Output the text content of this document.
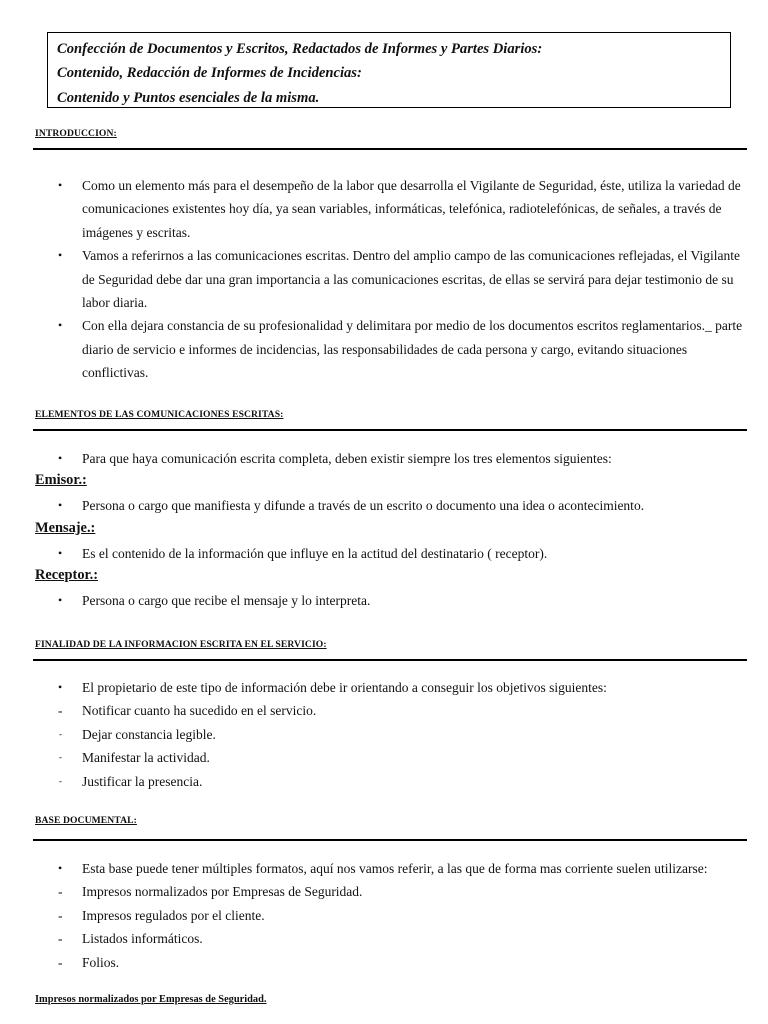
Confección de Documentos y Escritos, Redactados de Informes y Partes Diarios:
Contenido, Redacción de Informes de Incidencias:
Contenido y Puntos esenciales de la misma.
INTRODUCCION:
• Como un elemento más para el desempeño de la labor que desarrolla el Vigilante de Seguridad, éste, utiliza la variedad de comunicaciones existentes hoy día, ya sean variables, informáticas, telefónica, radiotelefónicas, de señales, a través de imágenes y escritas.
• Vamos a referirnos a las comunicaciones escritas. Dentro del amplio campo de las comunicaciones reflejadas, el Vigilante de Seguridad debe dar una gran importancia a las comunicaciones escritas, de ellas se servirá para dejar testimonio de su labor diaria.
• Con ella dejara constancia de su profesionalidad y delimitara por medio de los documentos escritos reglamentarios._ parte diario de servicio e informes de incidencias, las responsabilidades de cada persona y cargo, evitando situaciones conflictivas.
ELEMENTOS DE LAS COMUNICACIONES ESCRITAS:
• Para que haya comunicación escrita completa, deben existir siempre los tres elementos siguientes:
Emisor.:
• Persona o cargo que manifiesta y difunde a través de un escrito o documento una idea o acontecimiento.
Mensaje.:
• Es el contenido de la información que influye en la actitud del destinatario ( receptor).
Receptor.:
• Persona o cargo que recibe el mensaje y lo interpreta.
FINALIDAD DE LA INFORMACION ESCRITA EN EL SERVICIO:
• El propietario de este tipo de información debe ir orientando a conseguir los objetivos siguientes:
- Notificar cuanto ha sucedido en el servicio.
- Dejar constancia legible.
- Manifestar la actividad.
- Justificar la presencia.
BASE DOCUMENTAL:
• Esta base puede tener múltiples formatos, aquí nos vamos referir, a las que de forma mas corriente suelen utilizarse:
- Impresos normalizados por Empresas de Seguridad.
- Impresos regulados por el cliente.
- Listados informáticos.
- Folios.
Impresos normalizados por Empresas de Seguridad.
